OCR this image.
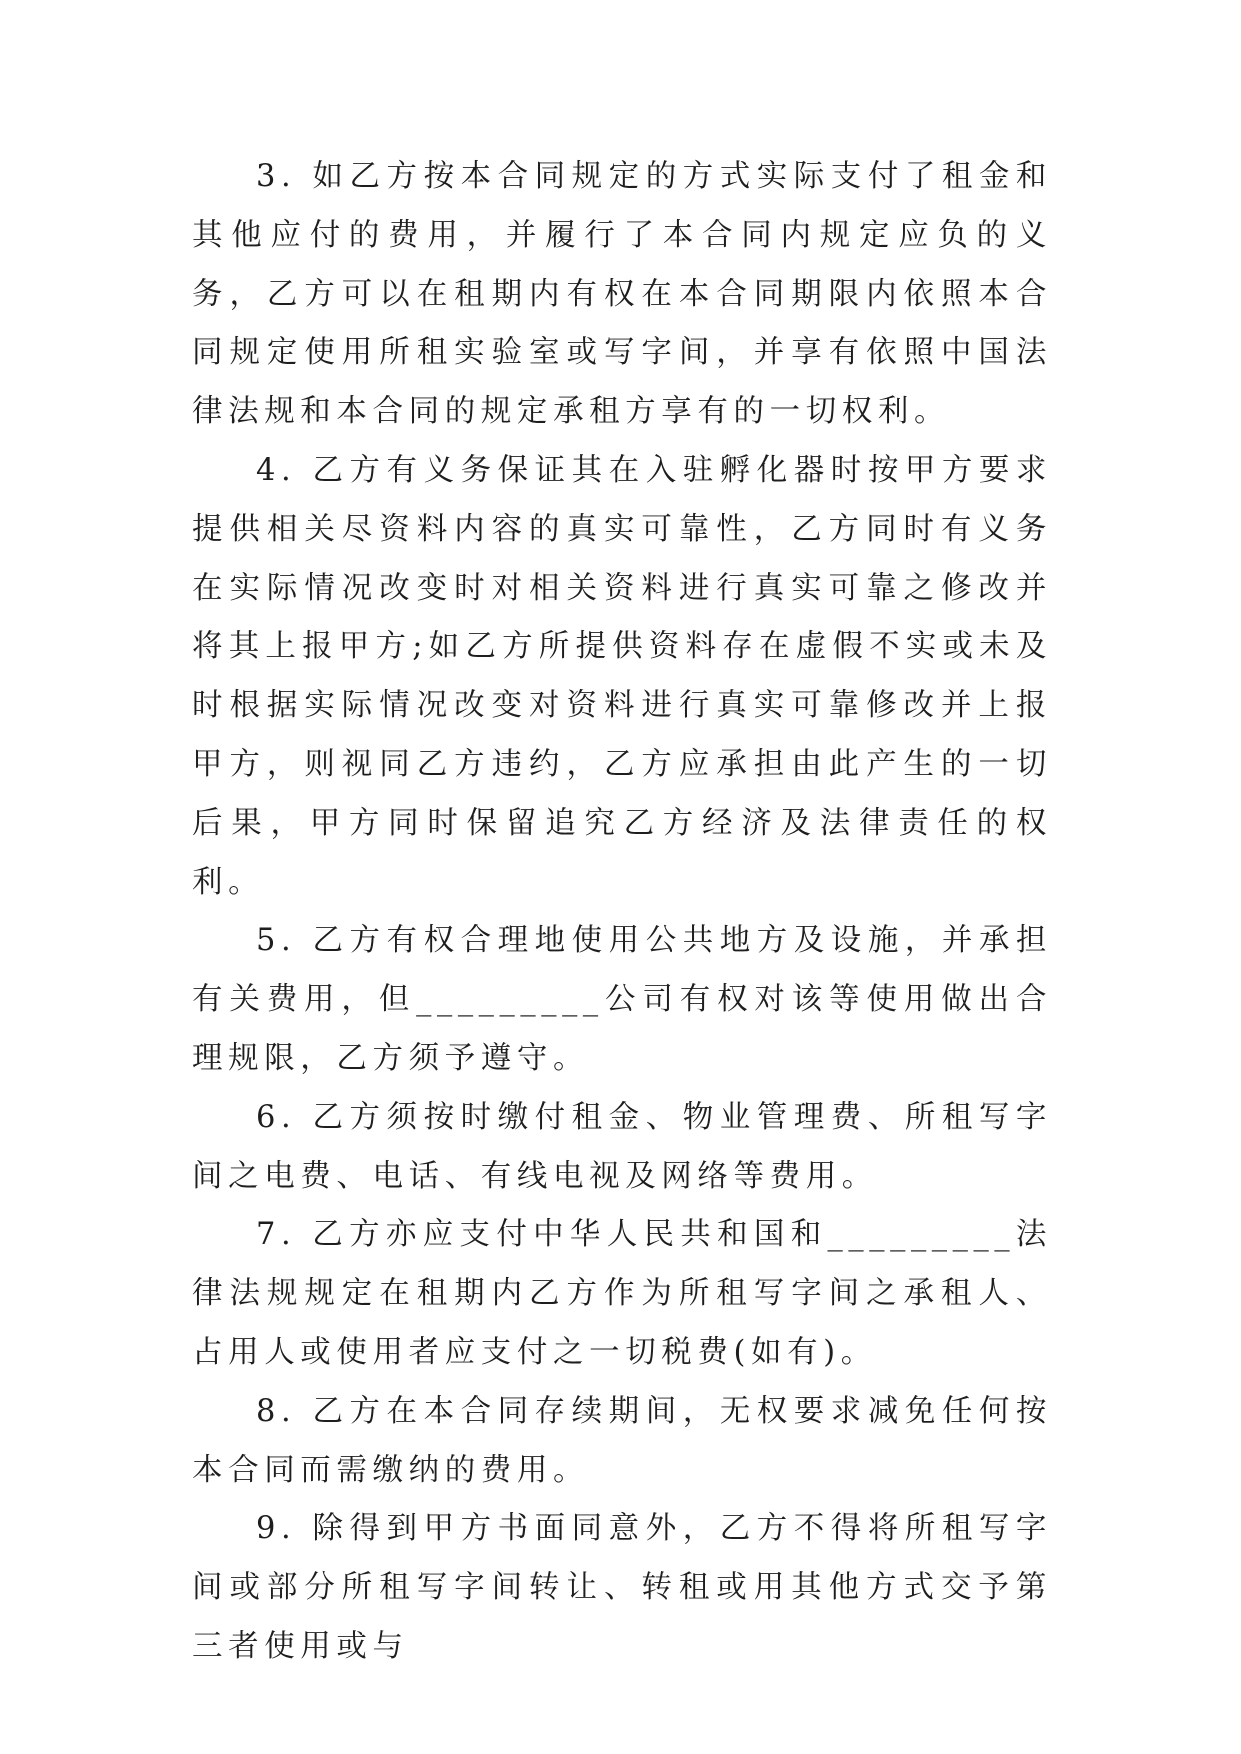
3. 如乙方按本合同规定的方式实际支付了租金和其他应付的费用，并履行了本合同内规定应负的义务，乙方可以在租期内有权在本合同期限内依照本合同规定使用所租实验室或写字间，并享有依照中国法律法规和本合同的规定承租方享有的一切权利。

4. 乙方有义务保证其在入驻孵化器时按甲方要求提供相关尽资料内容的真实可靠性，乙方同时有义务在实际情况改变时对相关资料进行真实可靠之修改并将其上报甲方;如乙方所提供资料存在虚假不实或未及时根据实际情况改变对资料进行真实可靠修改并上报甲方，则视同乙方违约，乙方应承担由此产生的一切后果，甲方同时保留追究乙方经济及法律责任的权利。

5. 乙方有权合理地使用公共地方及设施，并承担有关费用，但_________公司有权对该等使用做出合理规限，乙方须予遵守。

6. 乙方须按时缴付租金、物业管理费、所租写字间之电费、电话、有线电视及网络等费用。

7. 乙方亦应支付中华人民共和国和_________法律法规规定在租期内乙方作为所租写字间之承租人、占用人或使用者应支付之一切税费(如有)。

8. 乙方在本合同存续期间，无权要求减免任何按本合同而需缴纳的费用。

9. 除得到甲方书面同意外，乙方不得将所租写字间或部分所租写字间转让、转租或用其他方式交予第三者使用或与
